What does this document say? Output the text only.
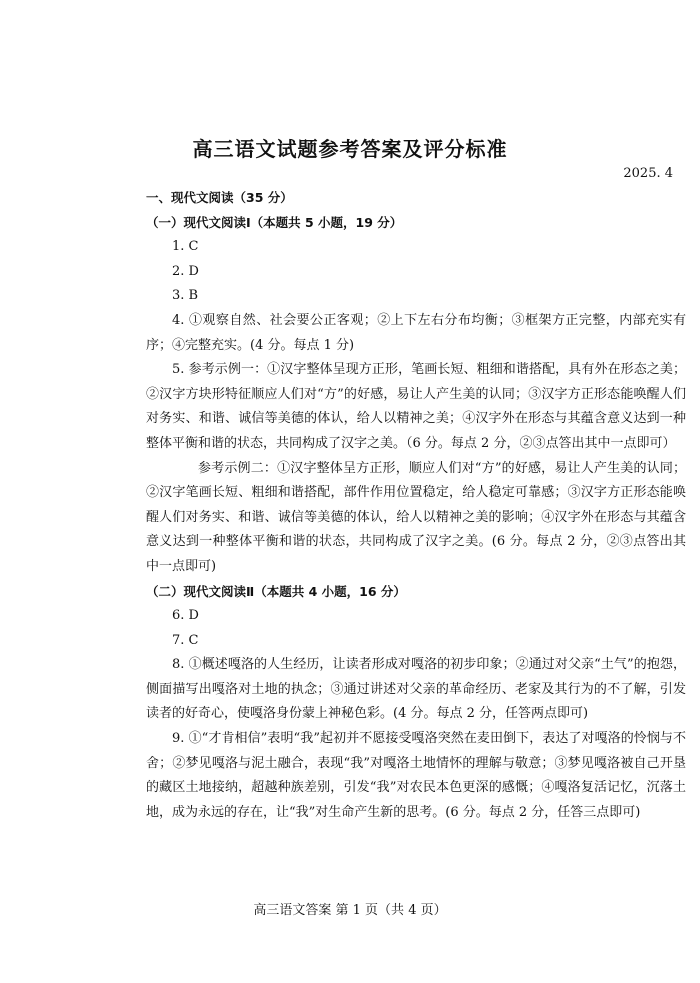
高三语文试题参考答案及评分标准
2025. 4

一、现代文阅读（35 分）

（一）现代文阅读Ⅰ（本题共 5 小题，19 分）

1. C

2. D

3. B

4. ①观察自然、社会要公正客观；②上下左右分布均衡；③框架方正完整，内部充实有序；④完整充实。(4 分。每点 1 分)

5. 参考示例一：①汉字整体呈现方正形，笔画长短、粗细和谐搭配，具有外在形态之美；②汉字方块形特征顺应人们对“方”的好感，易让人产生美的认同；③汉字方正形态能唤醒人们对务实、和谐、诚信等美德的体认，给人以精神之美；④汉字外在形态与其蕴含意义达到一种整体平衡和谐的状态，共同构成了汉字之美。（6 分。每点 2 分，②③点答出其中一点即可）

参考示例二：①汉字整体呈方正形，顺应人们对“方”的好感，易让人产生美的认同；②汉字笔画长短、粗细和谐搭配，部件作用位置稳定，给人稳定可靠感；③汉字方正形态能唤醒人们对务实、和谐、诚信等美德的体认，给人以精神之美的影响；④汉字外在形态与其蕴含意义达到一种整体平衡和谐的状态，共同构成了汉字之美。(6 分。每点 2 分，②③点答出其中一点即可)

（二）现代文阅读Ⅱ（本题共 4 小题，16 分）

6. D

7. C

8. ①概述嘎洛的人生经历，让读者形成对嘎洛的初步印象；②通过对父亲“土气”的抱怨，侧面描写出嘎洛对土地的执念；③通过讲述对父亲的革命经历、老家及其行为的不了解，引发读者的好奇心，使嘎洛身份蒙上神秘色彩。(4 分。每点 2 分，任答两点即可)

9. ①“才肯相信”表明“我”起初并不愿接受嘎洛突然在麦田倒下，表达了对嘎洛的怜悯与不舍；②梦见嘎洛与泥土融合，表现“我”对嘎洛土地情怀的理解与敬意；③梦见嘎洛被自己开垦的藏区土地接纳，超越种族差别，引发“我”对农民本色更深的感慨；④嘎洛复活记忆，沉落土地，成为永远的存在，让“我”对生命产生新的思考。(6 分。每点 2 分，任答三点即可)

高三语文答案 第 1 页（共 4 页）
